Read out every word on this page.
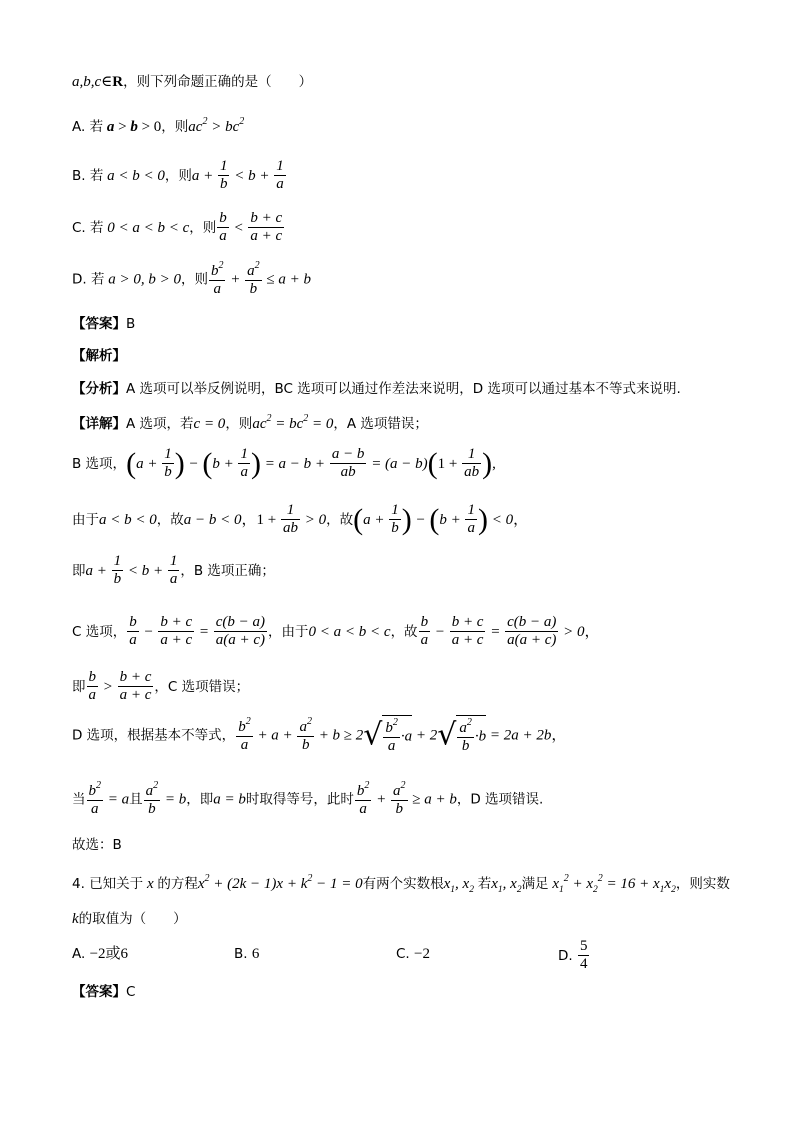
a,b,c∈R，则下列命题正确的是（　　）
A. 若 a > b > 0，则$ac^2 > bc^2$
B. 若 a < b < 0，则$a + \frac{1}{b} < b + \frac{1}{a}$
C. 若 0 < a < b < c，则 $\frac{b}{a} < \frac{b + c}{a + c}$
D. 若 a > 0, b > 0，则 $\frac{b^2}{a} + \frac{a^2}{b} \le a + b$
【答案】B
【解析】
【分析】A 选项可以举反例说明，BC 选项可以通过作差法来说明，D 选项可以通过基本不等式来说明.
【详解】A 选项，若c = 0，则$ac^2 = bc^2 = 0$，A 选项错误；
B 选项，($a + \frac{1}{b}$ ) − ($b + \frac{1}{a}$ ) = $a - b + \frac{a - b}{ab} = (a - b)(1 + \frac{1}{ab}$ ),
由于a < b < 0，故a − b < 0，$1 + \frac{1}{ab} > 0$，故($a + \frac{1}{b}$ ) − ($b + \frac{1}{a}$ ) < 0，
即$a + \frac{1}{b} < b + \frac{1}{a}$ ，B 选项正确；
C 选项， $\frac{b}{a} - \frac{b + c}{a + c} = \frac{c(b - a)}{a(a + c)}$ ，由于0 < a < b < c，故 $\frac{b}{a} - \frac{b + c}{a + c} = \frac{c(b - a)}{a(a + c)} > 0$，
即 $\frac{b}{a} > \frac{b + c}{a + c}$ ，C 选项错误；
D 选项，根据基本不等式， $\frac{b^2}{a} + a + \frac{a^2}{b} + b \ge 2√ \frac{b^2}{a} \cdot a + 2√ \frac{a^2}{b} \cdot b = 2a + 2b$，
当 $\frac{b^2}{a} = a$且 $\frac{a^2}{b} = b$，即a = b时取得等号，此时 $\frac{b^2}{a} + \frac{a^2}{b} \ge a + b$，D 选项错误.
故选：B
4. 已知关于 x 的方程$x^2 + (2k - 1)x + k^2 - 1 = 0$有两个实数根$x_1$, $x_2$ 若$x_1$, $x_2$满足 $x_1^2 + x_2^2 = 16 + x_1x_2$，则实数
k的取值为（　　）
A. −2或6	B. 6	C. −2	D. $\frac{5}{4}$
【答案】C
